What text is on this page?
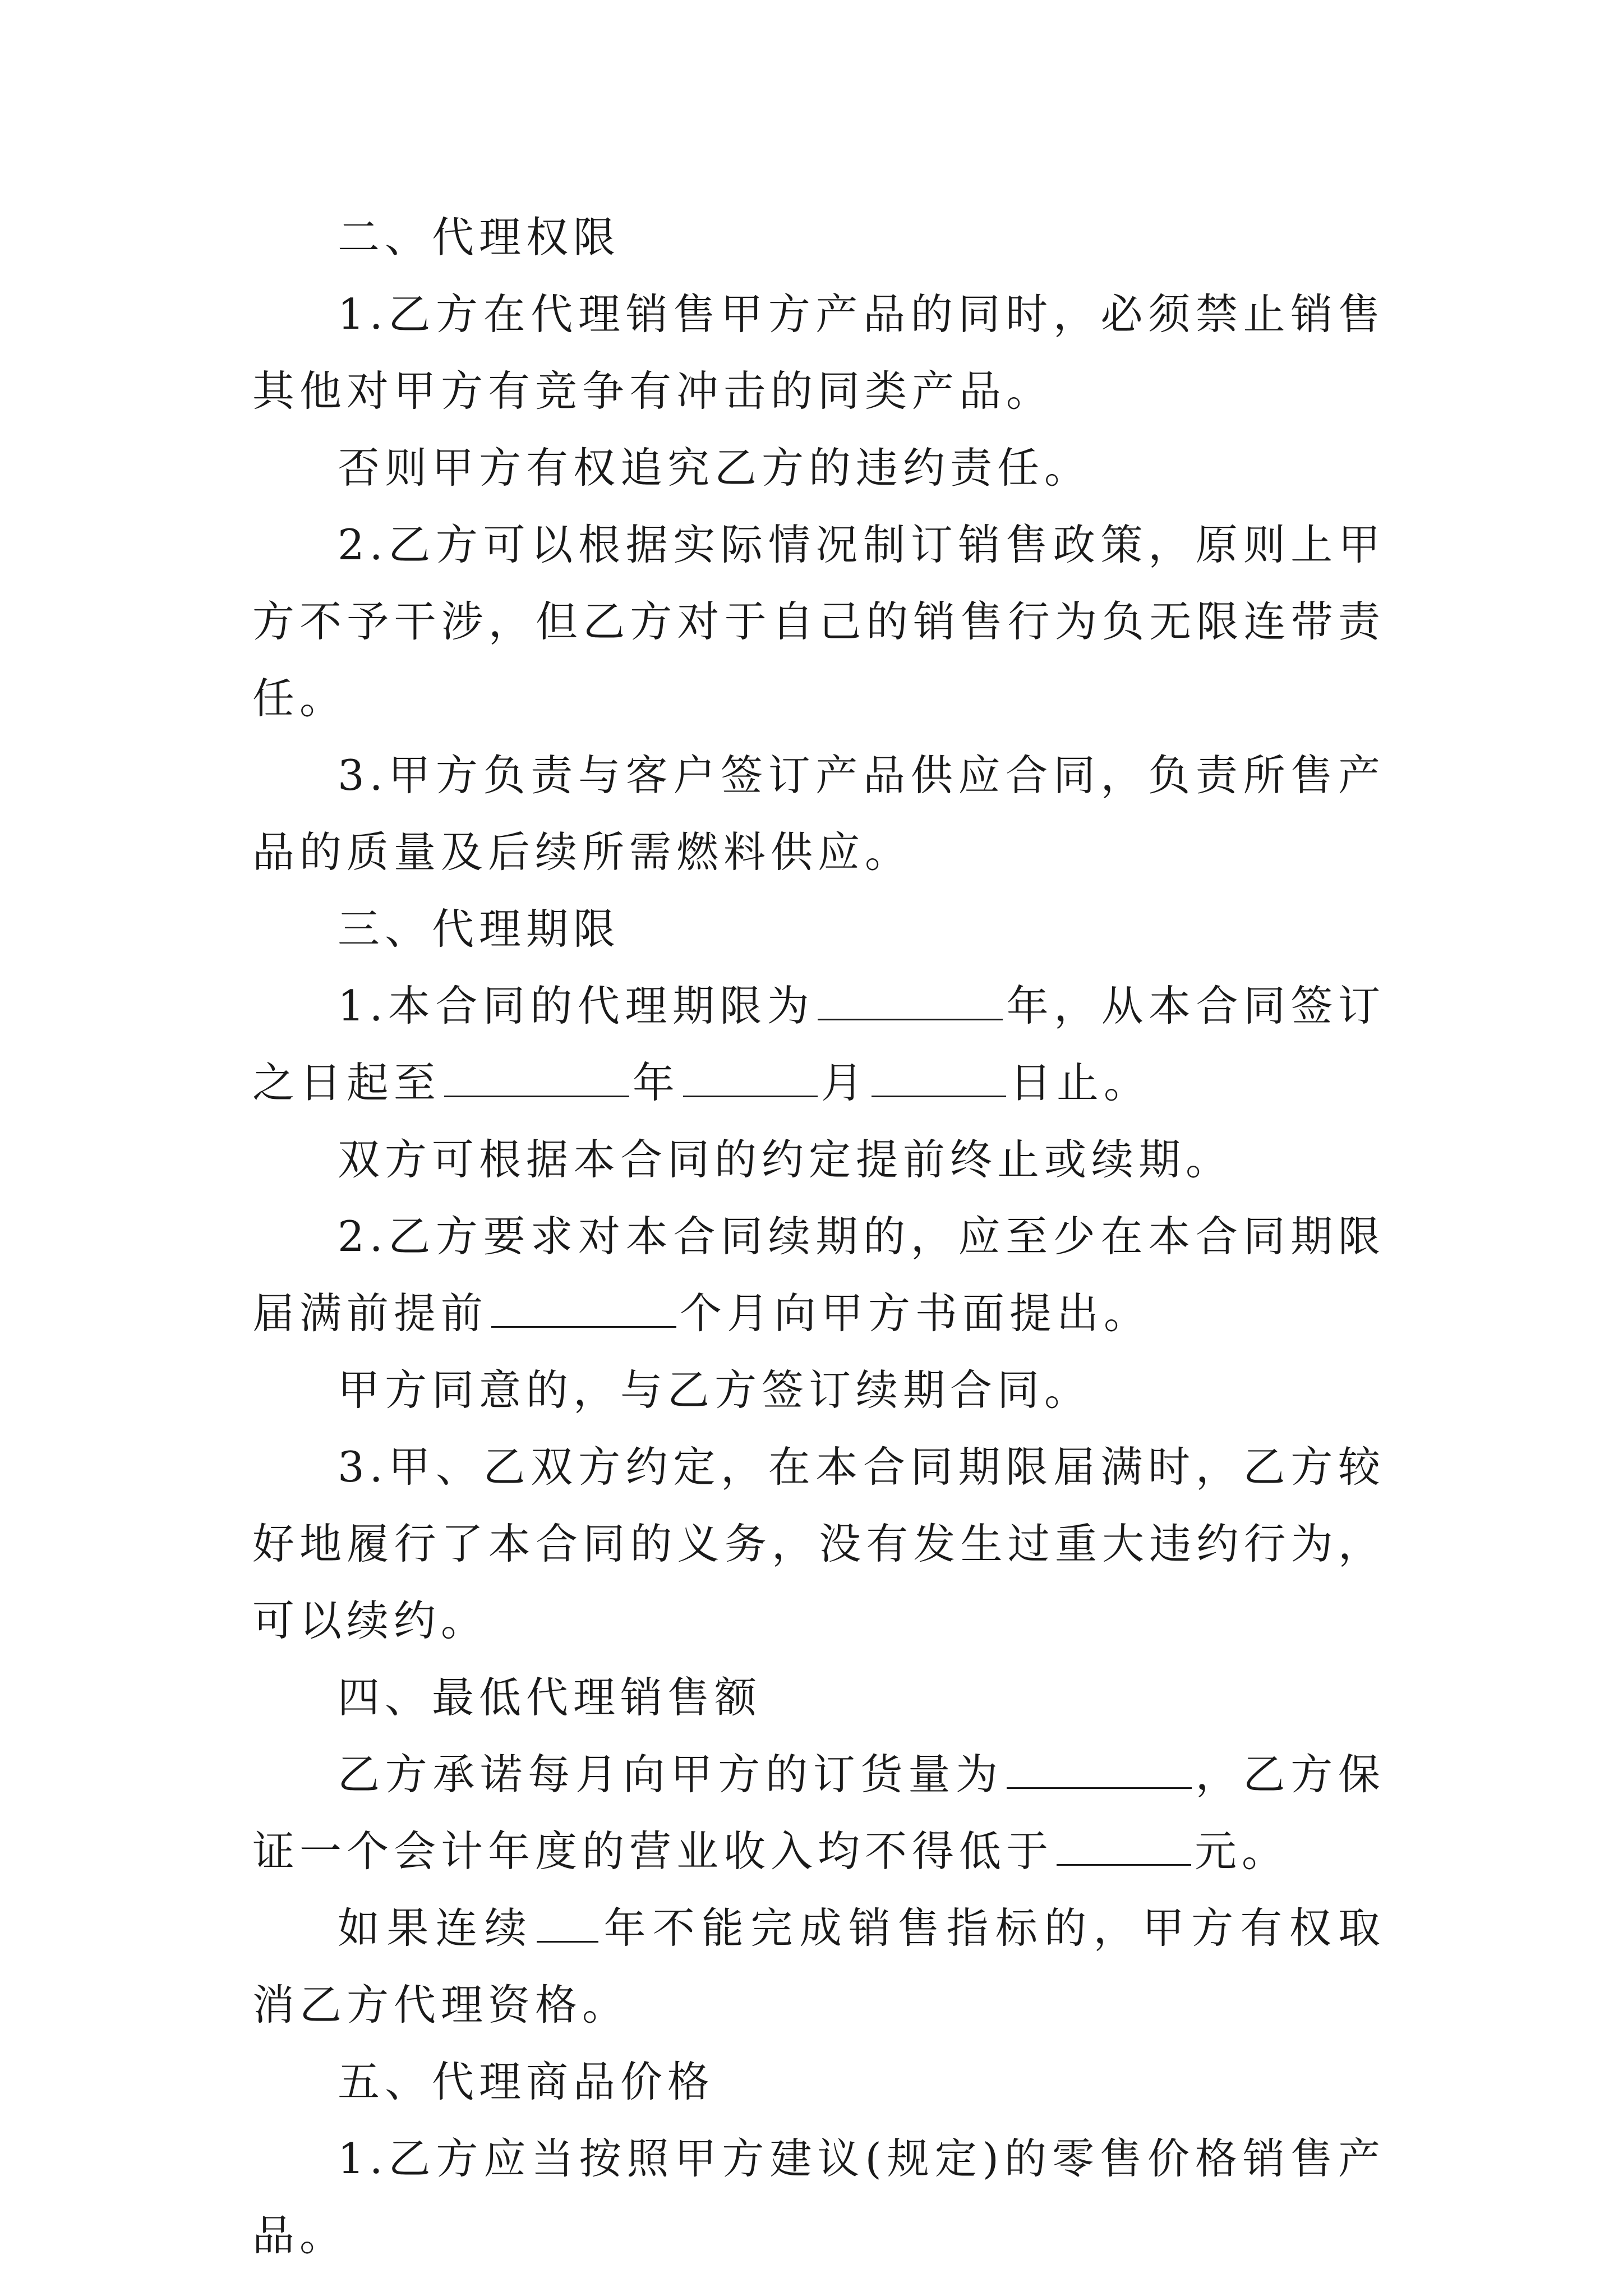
二、代理权限

1.乙方在代理销售甲方产品的同时，必须禁止销售其他对甲方有竞争有冲击的同类产品。

否则甲方有权追究乙方的违约责任。

2.乙方可以根据实际情况制订销售政策，原则上甲方不予干涉，但乙方对于自己的销售行为负无限连带责任。

3.甲方负责与客户签订产品供应合同，负责所售产品的质量及后续所需燃料供应。

三、代理期限

1.本合同的代理期限为	年，从本合同签订之日起至	年	月	日止。

双方可根据本合同的约定提前终止或续期。

2.乙方要求对本合同续期的，应至少在本合同期限届满前提前	个月向甲方书面提出。

甲方同意的，与乙方签订续期合同。

3.甲、乙双方约定，在本合同期限届满时，乙方较好地履行了本合同的义务，没有发生过重大违约行为，可以续约。

四、最低代理销售额

乙方承诺每月向甲方的订货量为	，乙方保证一个会计年度的营业收入均不得低于	元。

如果连续 年不能完成销售指标的，甲方有权取消乙方代理资格。

五、代理商品价格

1.乙方应当按照甲方建议(规定)的零售价格销售产品。
